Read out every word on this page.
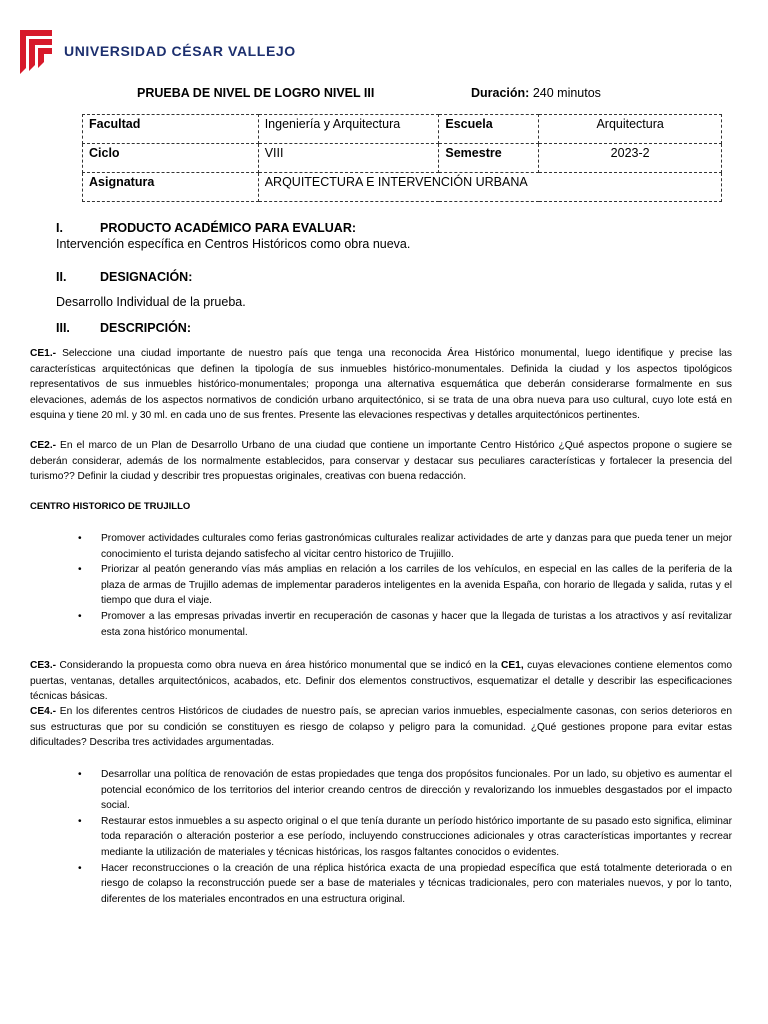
UNIVERSIDAD CÉSAR VALLEJO
PRUEBA DE NIVEL DE LOGRO NIVEL III	Duración: 240 minutos
Facultad	Ingeniería y Arquitectura	Escuela	Arquitectura
Ciclo	VIII	Semestre	2023-2
Asignatura	ARQUITECTURA E INTERVENCIÓN URBANA		
I.	PRODUCTO ACADÉMICO PARA EVALUAR:
Intervención específica en Centros Históricos como obra nueva.
II.	DESIGNACIÓN:
Desarrollo Individual de la prueba.
III. DESCRIPCIÓN:
CE1.- Seleccione una ciudad importante de nuestro país que tenga una reconocida Área Histórico monumental, luego identifique y precise las características arquitectónicas que definen la tipología de sus inmuebles histórico-monumentales. Definida la ciudad y los aspectos tipológicos representativos de sus inmuebles histórico-monumentales; proponga una alternativa esquemática que deberán considerarse formalmente en sus elevaciones, además de los aspectos normativos de condición urbano arquitectónico, si se trata de una obra nueva para uso cultural, cuyo lote está en esquina y tiene 20 ml. y 30 ml. en cada uno de sus frentes. Presente las elevaciones respectivas y detalles arquitectónicos pertinentes.
CE2.- En el marco de un Plan de Desarrollo Urbano de una ciudad que contiene un importante Centro Histórico ¿Qué aspectos propone o sugiere se deberán considerar, además de los normalmente establecidos, para conservar y destacar sus peculiares características y fortalecer la presencia del turismo?? Definir la ciudad y describir tres propuestas originales, creativas con buena redacción.
CENTRO HISTORICO DE TRUJILLO
• Promover actividades culturales como ferias gastronómicas culturales realizar actividades de arte y danzas para que pueda tener un mejor conocimiento el turista dejando satisfecho al vicitar centro historico de Trujiillo.
• Priorizar al peatón generando vías más amplias en relación a los carriles de los vehículos, en especial en las calles de la periferia de la plaza de armas de Trujillo ademas de implementar paraderos inteligentes en la avenida España, con horario de llegada y salida, rutas y el tiempo que dura el viaje.
• Promover a las empresas privadas invertir en recuperación de casonas y hacer que la llegada de turistas a los atractivos y así revitalizar esta zona histórico monumental.
CE3.- Considerando la propuesta como obra nueva en área histórico monumental que se indicó en la CE1, cuyas elevaciones contiene elementos como puertas, ventanas, detalles arquitectónicos, acabados, etc. Definir dos elementos constructivos, esquematizar el detalle y describir las especificaciones técnicas básicas.
CE4.- En los diferentes centros Históricos de ciudades de nuestro país, se aprecian varios inmuebles, especialmente casonas, con serios deterioros en sus estructuras que por su condición se constituyen es riesgo de colapso y peligro para la comunidad. ¿Qué gestiones propone para evitar estas dificultades? Describa tres actividades argumentadas.
• Desarrollar una política de renovación de estas propiedades que tenga dos propósitos funcionales. Por un lado, su objetivo es aumentar el potencial económico de los territorios del interior creando centros de dirección y revalorizando los inmuebles desgastados por el impacto social.
• Restaurar estos inmuebles a su aspecto original o el que tenía durante un período histórico importante de su pasado esto significa, eliminar toda reparación o alteración posterior a ese período, incluyendo construcciones adicionales y otras características importantes y recrear mediante la utilización de materiales y técnicas históricas, los rasgos faltantes conocidos o evidentes.
• Hacer reconstrucciones o la creación de una réplica histórica exacta de una propiedad específica que está totalmente deteriorada o en riesgo de colapso la reconstrucción puede ser a base de materiales y técnicas tradicionales, pero con materiales nuevos, y por lo tanto, diferentes de los materiales encontrados en una estructura original.
